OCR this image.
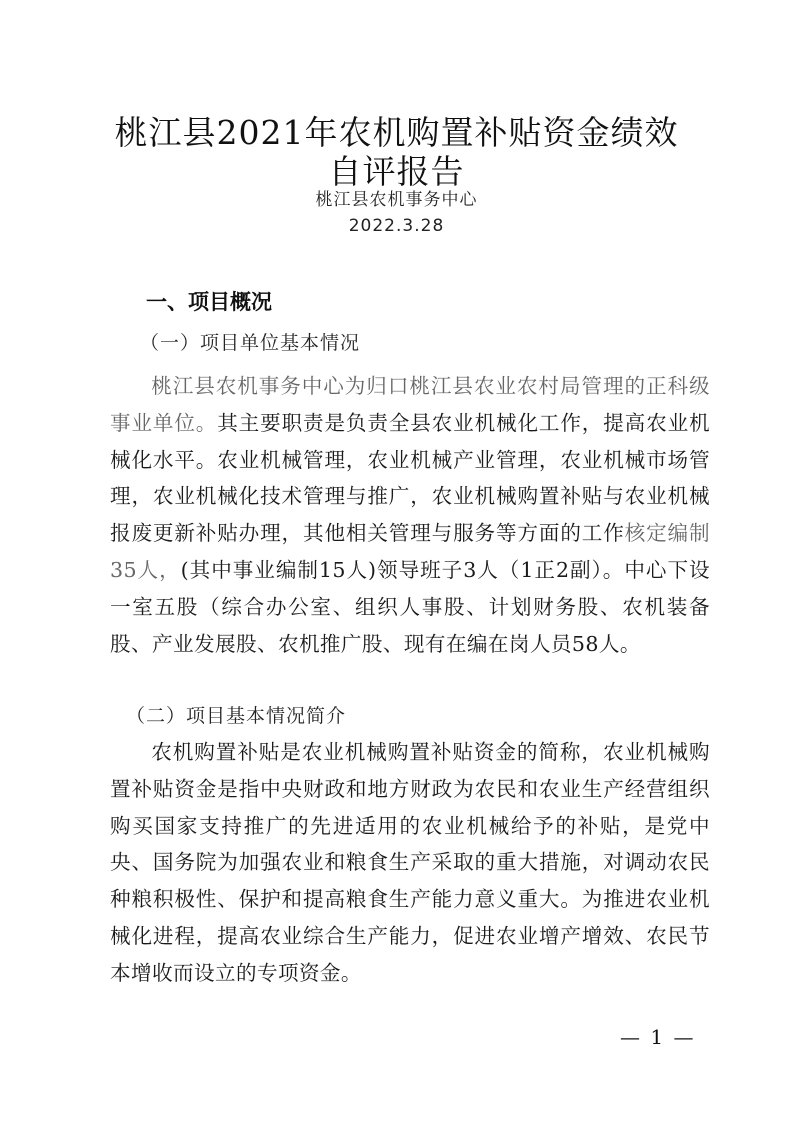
桃江县2021年农机购置补贴资金绩效
自评报告
桃江县农机事务中心
2022.3.28
一、项目概况
（一）项目单位基本情况
桃江县农机事务中心为归口桃江县农业农村局管理的正科级事业单位。其主要职责是负责全县农业机械化工作，提高农业机械化水平。农业机械管理，农业机械产业管理，农业机械市场管理，农业机械化技术管理与推广，农业机械购置补贴与农业机械报废更新补贴办理，其他相关管理与服务等方面的工作核定编制35人，(其中事业编制15人)领导班子3人（1正2副）。中心下设一室五股（综合办公室、组织人事股、计划财务股、农机装备股、产业发展股、农机推广股、现有在编在岗人员58人。
（二）项目基本情况简介
农机购置补贴是农业机械购置补贴资金的简称，农业机械购置补贴资金是指中央财政和地方财政为农民和农业生产经营组织购买国家支持推广的先进适用的农业机械给予的补贴，是党中央、国务院为加强农业和粮食生产采取的重大措施，对调动农民种粮积极性、保护和提高粮食生产能力意义重大。为推进农业机械化进程，提高农业综合生产能力，促进农业增产增效、农民节本增收而设立的专项资金。
— 1 —
